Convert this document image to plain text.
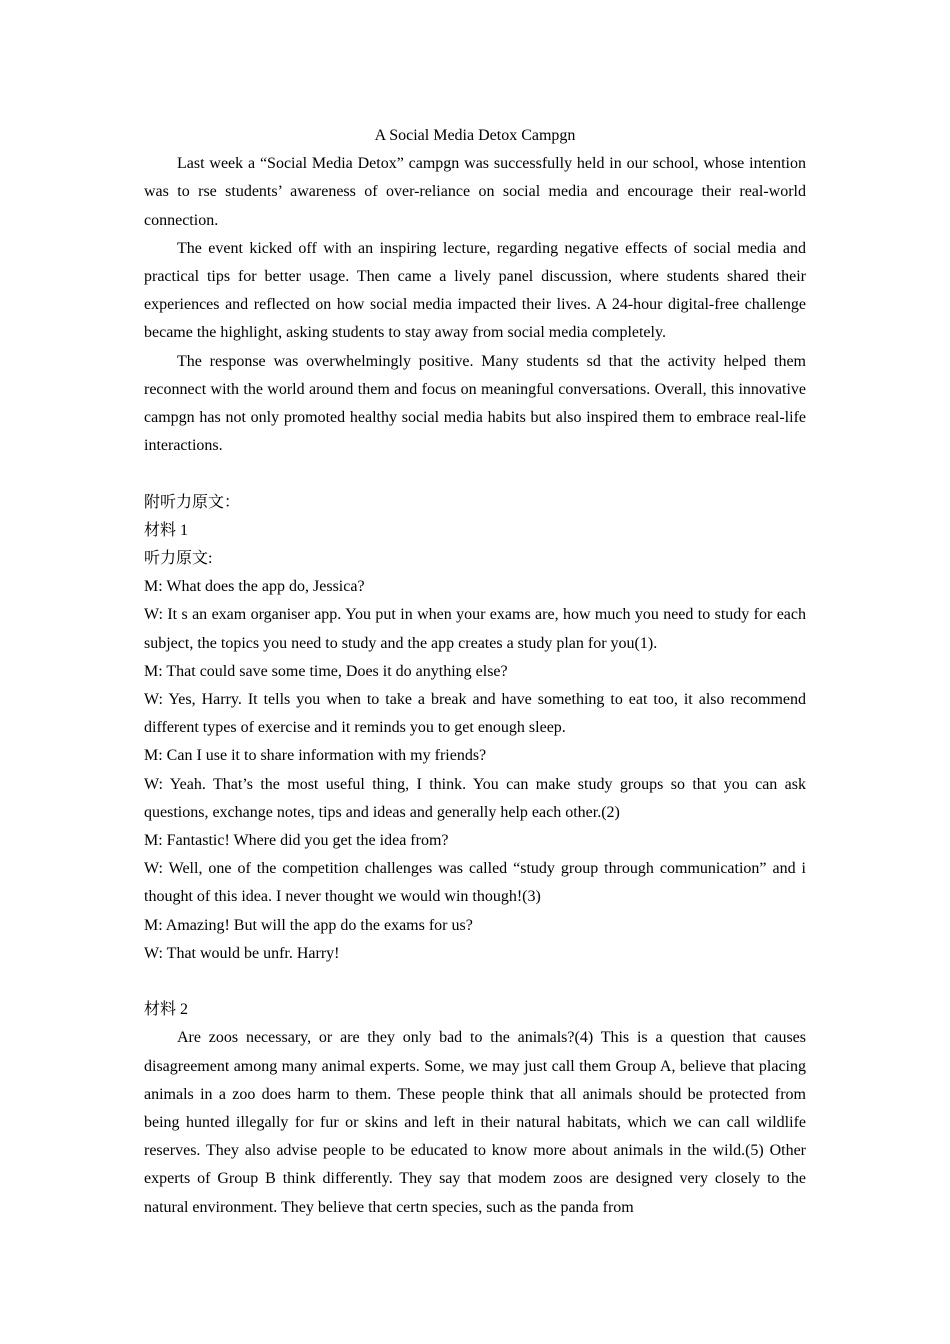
A Social Media Detox Campgn

Last week a “Social Media Detox” campgn was successfully held in our school, whose intention was to rse students’ awareness of over-reliance on social media and encourage their real-world connection.

The event kicked off with an inspiring lecture, regarding negative effects of social media and practical tips for better usage. Then came a lively panel discussion, where students shared their experiences and reflected on how social media impacted their lives. A 24-hour digital-free challenge became the highlight, asking students to stay away from social media completely.

The response was overwhelmingly positive. Many students sd that the activity helped them reconnect with the world around them and focus on meaningful conversations. Overall, this innovative campgn has not only promoted healthy social media habits but also inspired them to embrace real-life interactions.

附听力原文：

材料 1

听力原文:

M: What does the app do, Jessica?

W: It s an exam organiser app. You put in when your exams are, how much you need to study for each subject, the topics you need to study and the app creates a study plan for you(1).

M: That could save some time, Does it do anything else?

W: Yes, Harry. It tells you when to take a break and have something to eat too, it also recommend different types of exercise and it reminds you to get enough sleep.

M: Can I use it to share information with my friends?

W: Yeah. That’s the most useful thing, I think. You can make study groups so that you can ask questions, exchange notes, tips and ideas and generally help each other.(2)

M: Fantastic! Where did you get the idea from?

W: Well, one of the competition challenges was called “study group through communication” and i thought of this idea. I never thought we would win though!(3)

M: Amazing! But will the app do the exams for us?

W: That would be unfr. Harry!

材料 2

Are zoos necessary, or are they only bad to the animals?(4) This is a question that causes disagreement among many animal experts. Some, we may just call them Group A, believe that placing animals in a zoo does harm to them. These people think that all animals should be protected from being hunted illegally for fur or skins and left in their natural habitats, which we can call wildlife reserves. They also advise people to be educated to know more about animals in the wild.(5) Other experts of Group B think differently. They say that modem zoos are designed very closely to the natural environment. They believe that certn species, such as the panda from
